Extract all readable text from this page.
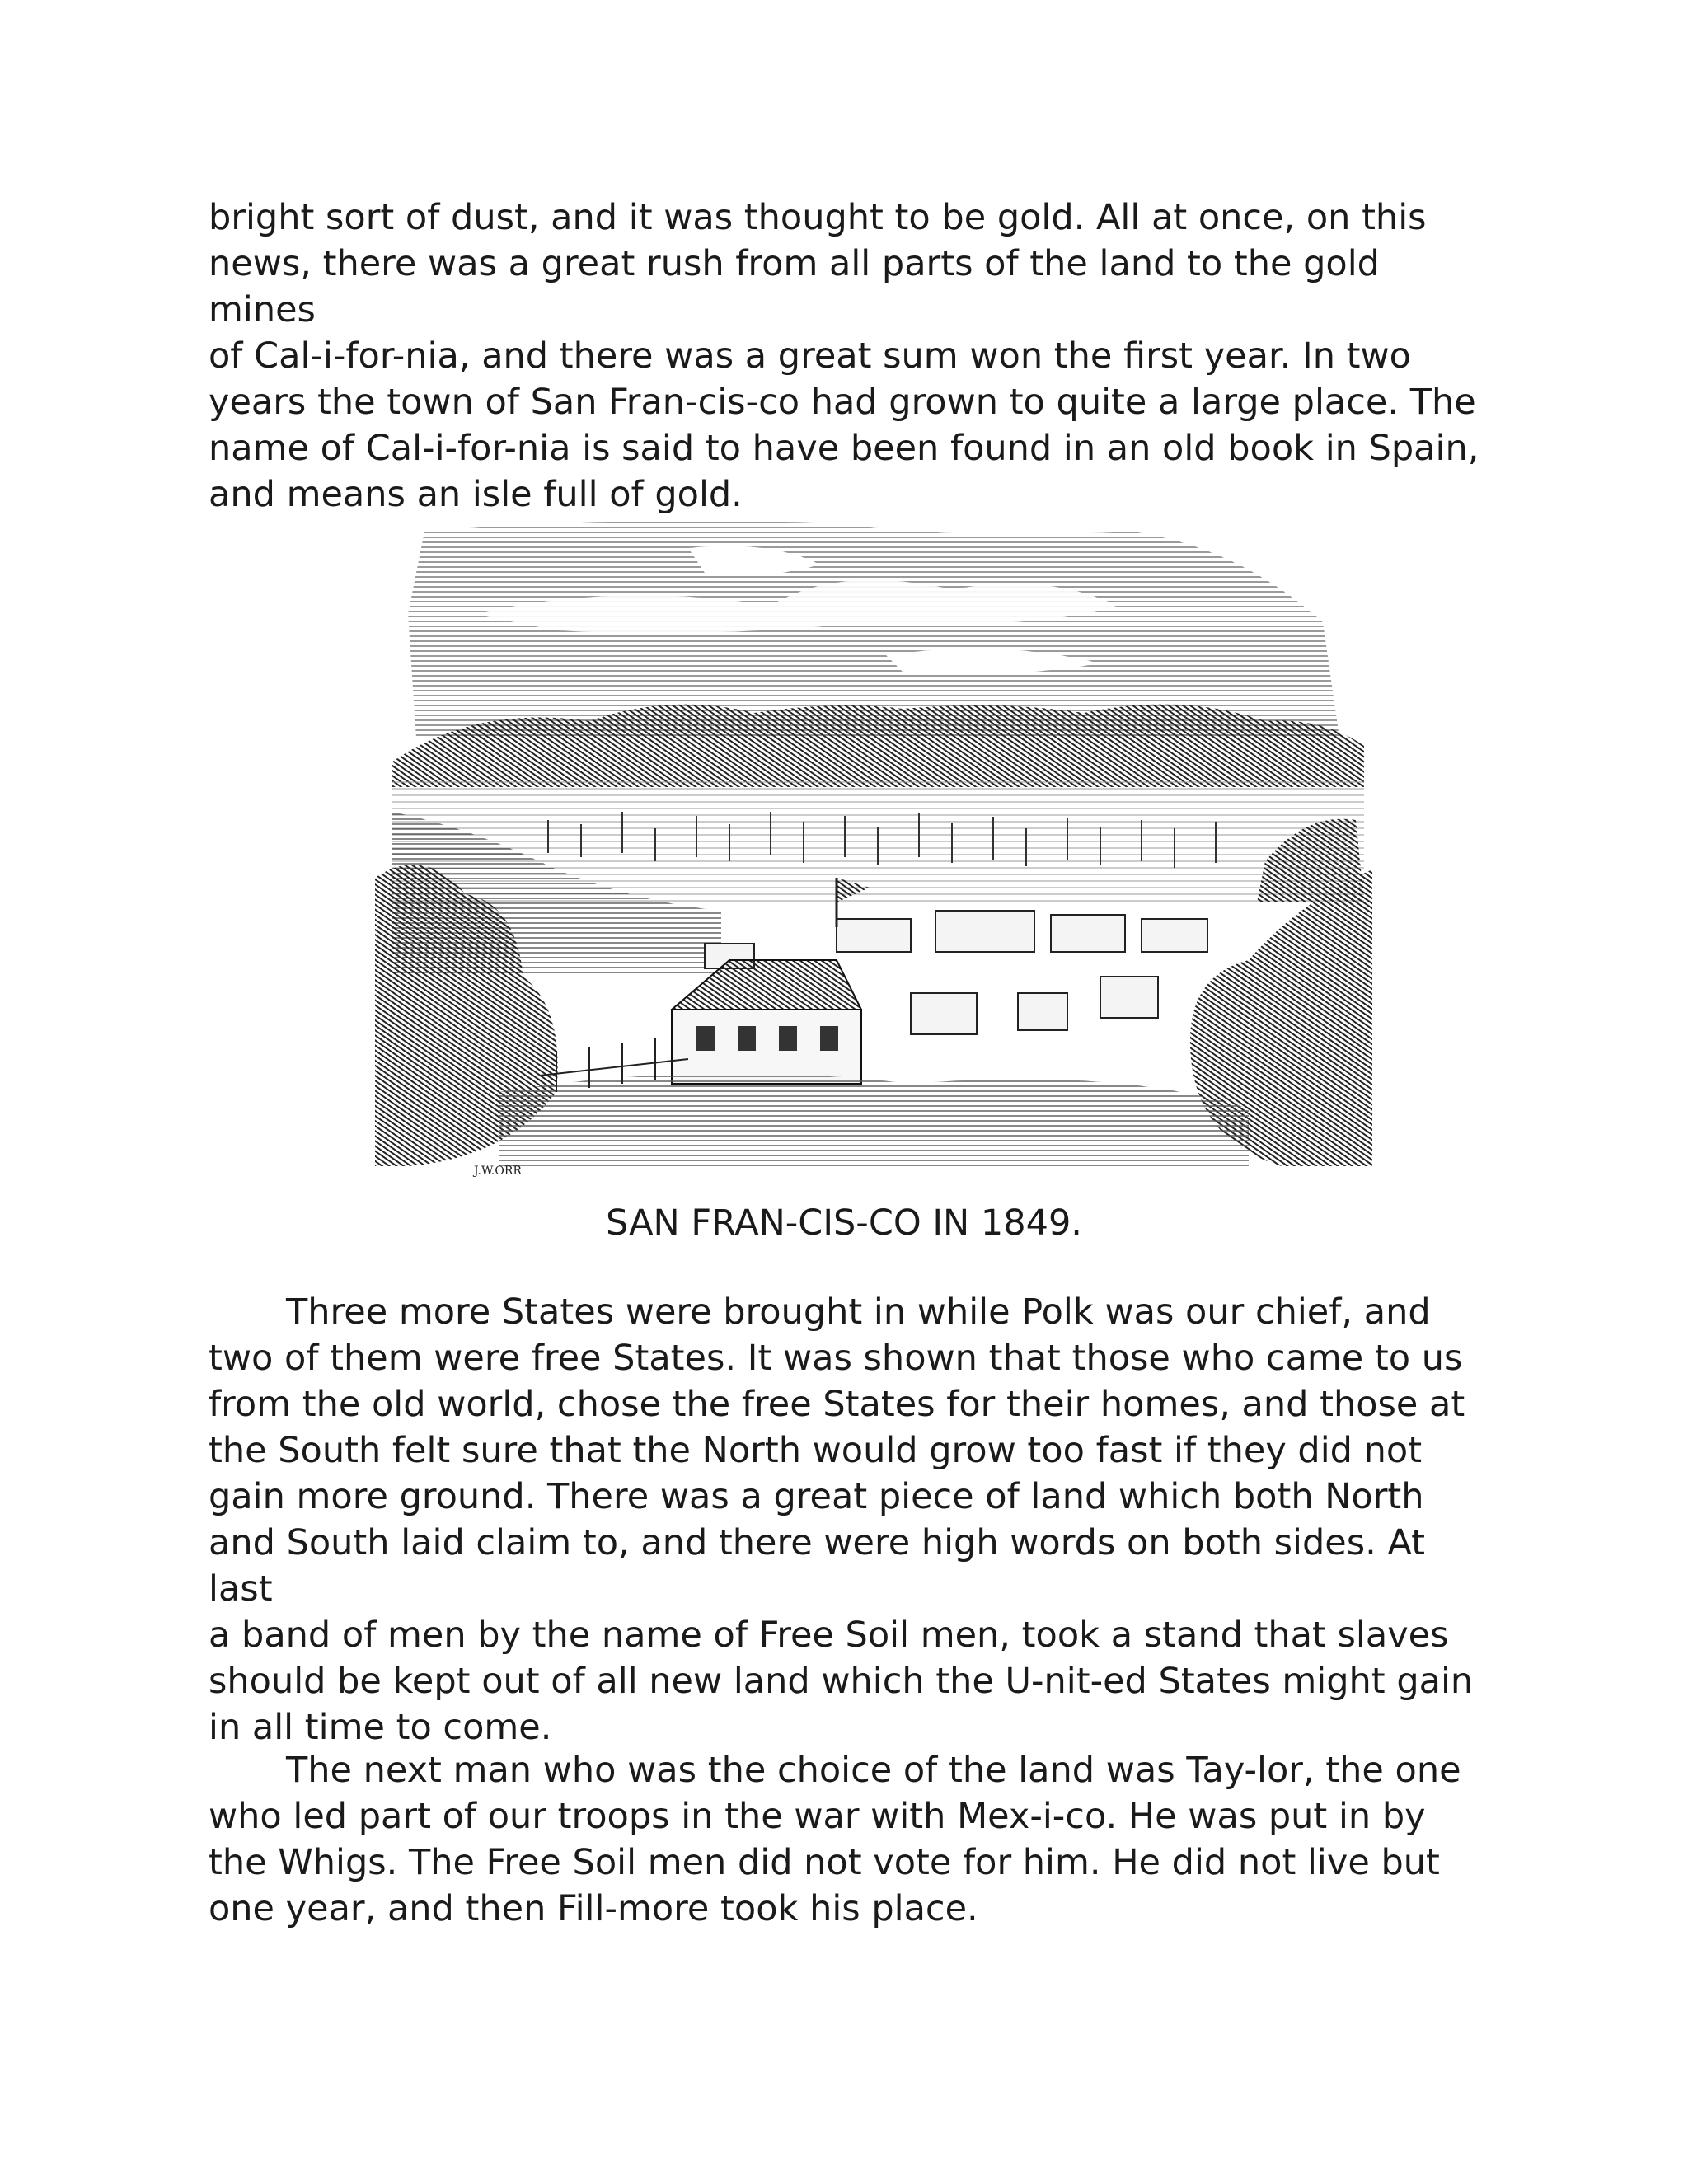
bright sort of dust, and it was thought to be gold. All at once, on this
news, there was a great rush from all parts of the land to the gold mines
of Cal-i-for-nia, and there was a great sum won the first year. In two
years the town of San Fran-cis-co had grown to quite a large place. The
name of Cal-i-for-nia is said to have been found in an old book in Spain,
and means an isle full of gold.

J.W.ORR

SAN FRAN-CIS-CO IN 1849.

Three more States were brought in while Polk was our chief, and
two of them were free States. It was shown that those who came to us
from the old world, chose the free States for their homes, and those at
the South felt sure that the North would grow too fast if they did not
gain more ground. There was a great piece of land which both North
and South laid claim to, and there were high words on both sides. At last
a band of men by the name of Free Soil men, took a stand that slaves
should be kept out of all new land which the U-nit-ed States might gain
in all time to come.

The next man who was the choice of the land was Tay-lor, the one
who led part of our troops in the war with Mex-i-co. He was put in by
the Whigs. The Free Soil men did not vote for him. He did not live but
one year, and then Fill-more took his place.
